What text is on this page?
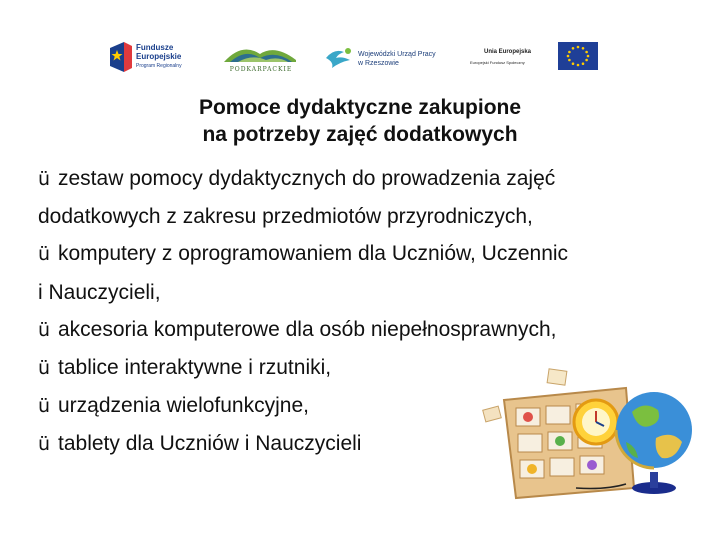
Fundusze
Europejskie
Program Regionalny	PODKARPACKIE
Wojewódzki Urząd Pracy
w Rzeszowie
Unia Europejska
Europejski Fundusz Społeczny
Pomoce dydaktyczne zakupione
na potrzeby zajęć dodatkowych
ü zestaw pomocy dydaktycznych do prowadzenia zajęć
dodatkowych z zakresu przedmiotów przyrodniczych,
ü komputery z oprogramowaniem dla Uczniów, Uczennic
i Nauczycieli,
ü akcesoria komputerowe dla osób niepełnosprawnych,
ü tablice interaktywne i rzutniki,
ü urządzenia wielofunkcyjne,
ü tablety dla Uczniów i Nauczycieli
